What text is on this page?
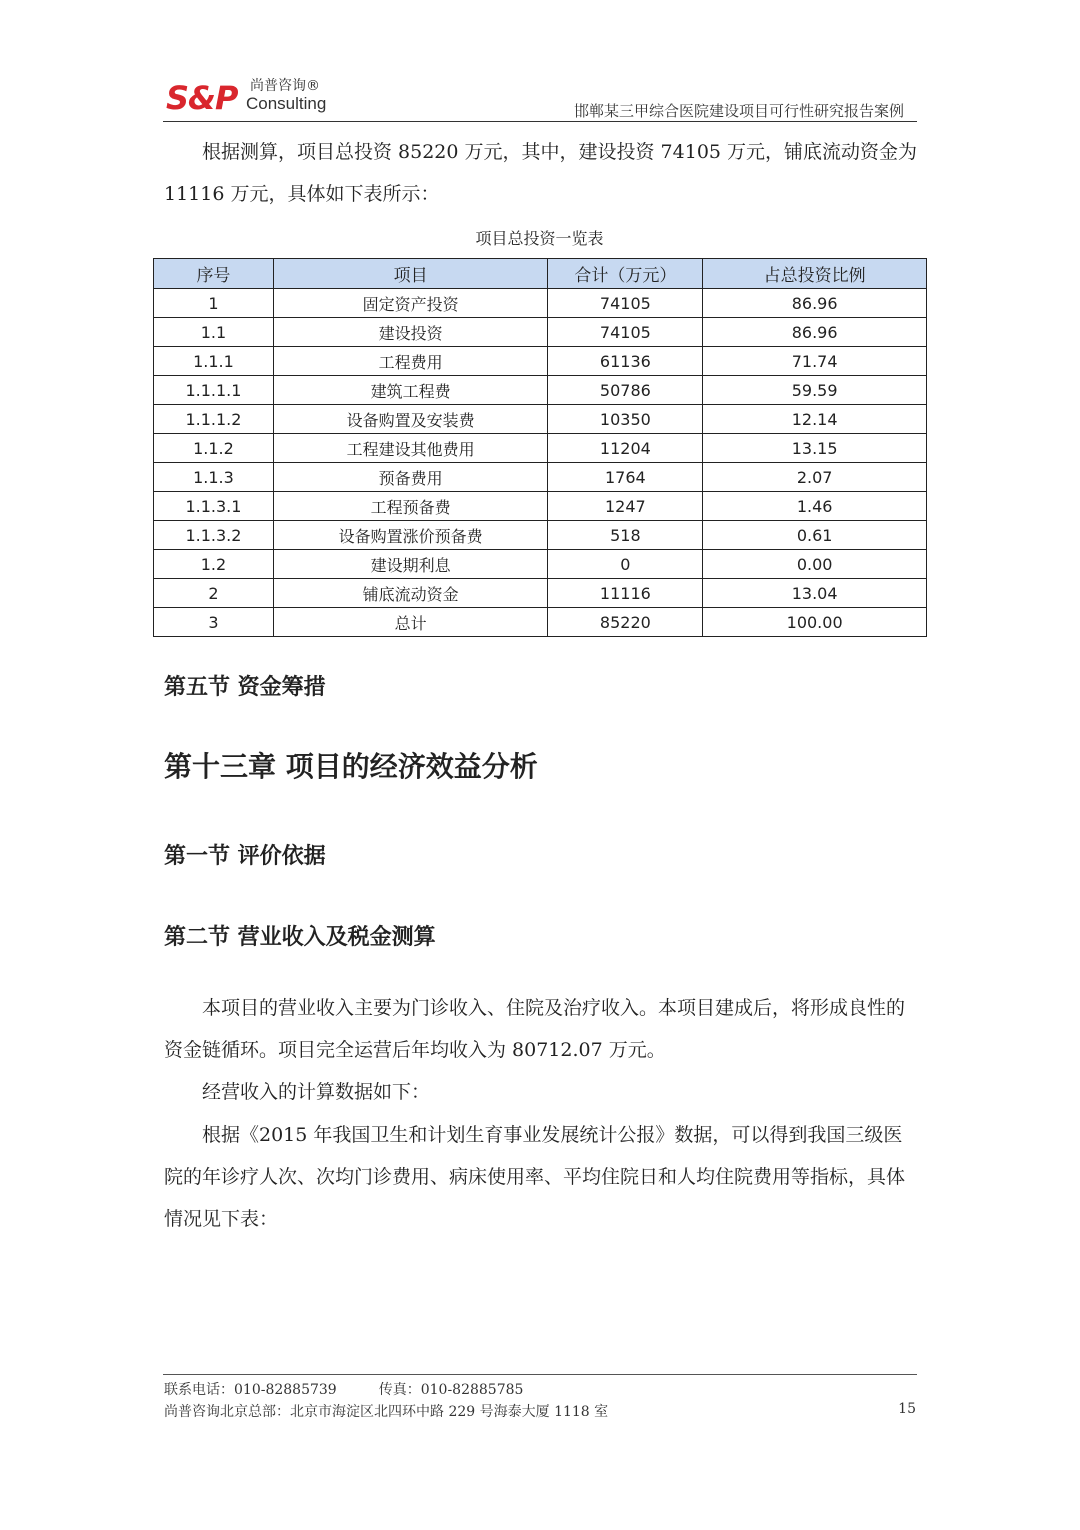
S&P 尚普咨询®
Consulting	邯郸某三甲综合医院建设项目可行性研究报告案例

根据测算，项目总投资 85220 万元，其中，建设投资 74105 万元，铺底流动资金为 11116 万元，具体如下表所示：

项目总投资一览表
序号	项目	合计（万元）	占总投资比例
1	固定资产投资	74105	86.96
1.1	建设投资	74105	86.96
1.1.1	工程费用	61136	71.74
1.1.1.1	建筑工程费	50786	59.59
1.1.1.2	设备购置及安装费	10350	12.14
1.1.2	工程建设其他费用	11204	13.15
1.1.3	预备费用	1764	2.07
1.1.3.1	工程预备费	1247	1.46
1.1.3.2	设备购置涨价预备费	518	0.61
1.2	建设期利息	0	0.00
2	铺底流动资金	11116	13.04
3	总计	85220	100.00
第五节 资金筹措
第十三章 项目的经济效益分析
第一节 评价依据
第二节 营业收入及税金测算

本项目的营业收入主要为门诊收入、住院及治疗收入。本项目建成后，将形成良性的资金链循环。项目完全运营后年均收入为 80712.07 万元。

经营收入的计算数据如下：

根据《2015 年我国卫生和计划生育事业发展统计公报》数据，可以得到我国三级医院的年诊疗人次、次均门诊费用、病床使用率、平均住院日和人均住院费用等指标，具体情况见下表：

联系电话：010-82885739	传真：010-82885785
尚普咨询北京总部：北京市海淀区北四环中路 229 号海泰大厦 1118 室	15
